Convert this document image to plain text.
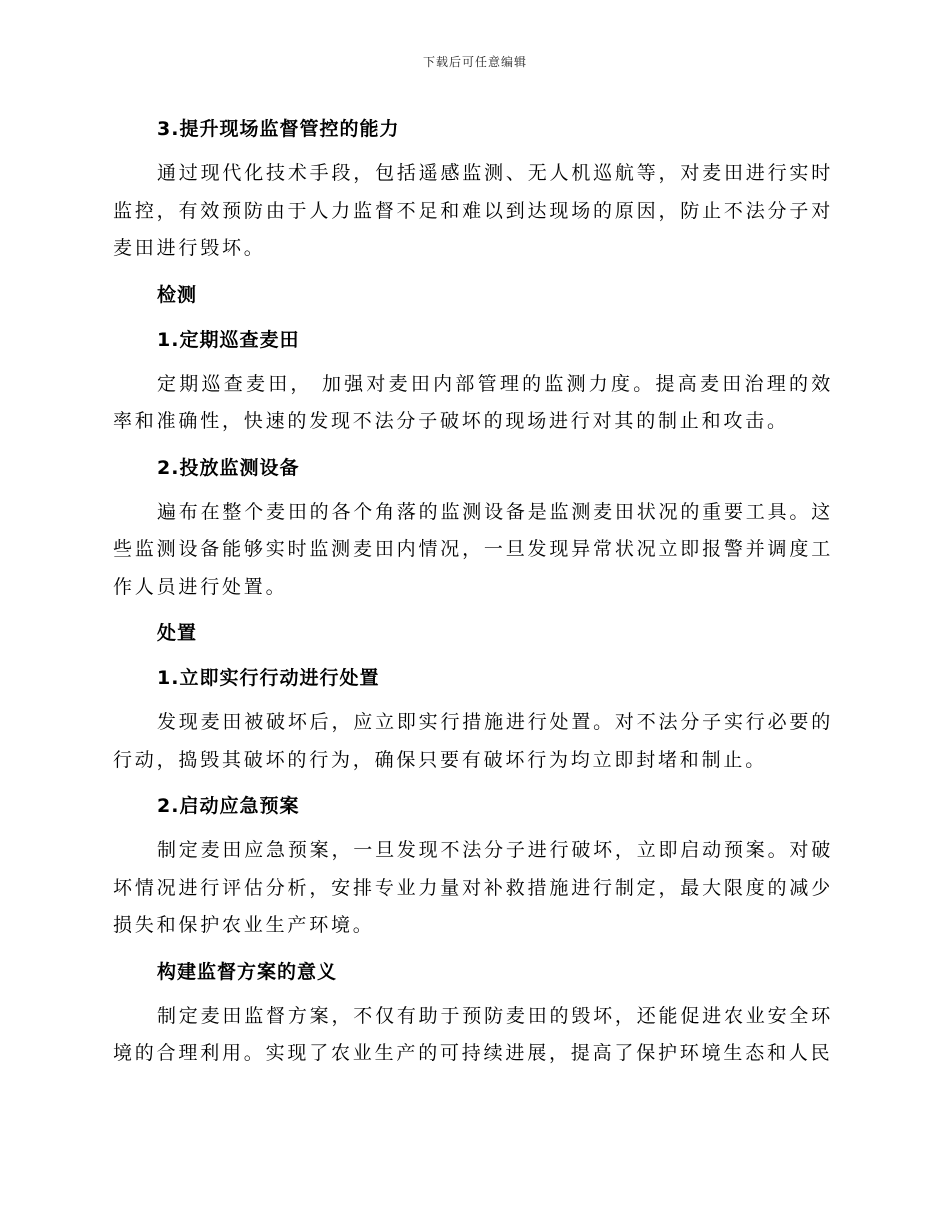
下载后可任意编辑
3.提升现场监督管控的能力

通过现代化技术手段，包括遥感监测、无人机巡航等，对麦田进行实时监控，有效预防由于人力监督不足和难以到达现场的原因，防止不法分子对麦田进行毁坏。

检测
1.定期巡查麦田

定期巡查麦田， 加强对麦田内部管理的监测力度。提高麦田治理的效率和准确性，快速的发现不法分子破坏的现场进行对其的制止和攻击。

2.投放监测设备

遍布在整个麦田的各个角落的监测设备是监测麦田状况的重要工具。这些监测设备能够实时监测麦田内情况，一旦发现异常状况立即报警并调度工作人员进行处置。

处置
1.立即实行行动进行处置

发现麦田被破坏后，应立即实行措施进行处置。对不法分子实行必要的行动，捣毁其破坏的行为，确保只要有破坏行为均立即封堵和制止。

2.启动应急预案

制定麦田应急预案，一旦发现不法分子进行破坏，立即启动预案。对破坏情况进行评估分析，安排专业力量对补救措施进行制定，最大限度的减少损失和保护农业生产环境。

构建监督方案的意义

制定麦田监督方案，不仅有助于预防麦田的毁坏，还能促进农业安全环境的合理利用。实现了农业生产的可持续进展，提高了保护环境生态和人民
